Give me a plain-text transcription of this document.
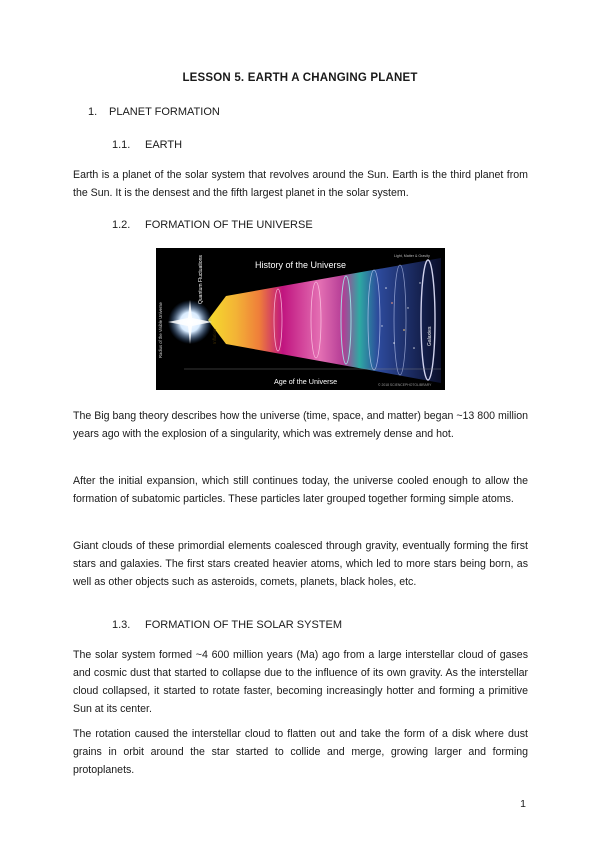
LESSON 5. EARTH A CHANGING PLANET
1. PLANET FORMATION
1.1. EARTH
Earth is a planet of the solar system that revolves around the Sun. Earth is the third planet from the Sun. It is the densest and the fifth largest planet in the solar system.
1.2. FORMATION OF THE UNIVERSE
Radius of the Visible Universe
Quantum Fluctuations
Inflation	Galaxies
History of the Universe
Light, Matter & Gravity
Age of the Universe	© 2018 SCIENCEPHOTOLIBRARY
The Big bang theory describes how the universe (time, space, and matter) began ~13 800 million years ago with the explosion of a singularity, which was extremely dense and hot.
After the initial expansion, which still continues today, the universe cooled enough to allow the formation of subatomic particles. These particles later grouped together forming simple atoms.
Giant clouds of these primordial elements coalesced through gravity, eventually forming the first stars and galaxies. The first stars created heavier atoms, which led to more stars being born, as well as other objects such as asteroids, comets, planets, black holes, etc.
1.3. FORMATION OF THE SOLAR SYSTEM
The solar system formed ~4 600 million years (Ma) ago from a large interstellar cloud of gases and cosmic dust that started to collapse due to the influence of its own gravity. As the interstellar cloud collapsed, it started to rotate faster, becoming increasingly hotter and forming a primitive Sun at its center.
The rotation caused the interstellar cloud to flatten out and take the form of a disk where dust grains in orbit around the star started to collide and merge, growing larger and forming protoplanets.
1
